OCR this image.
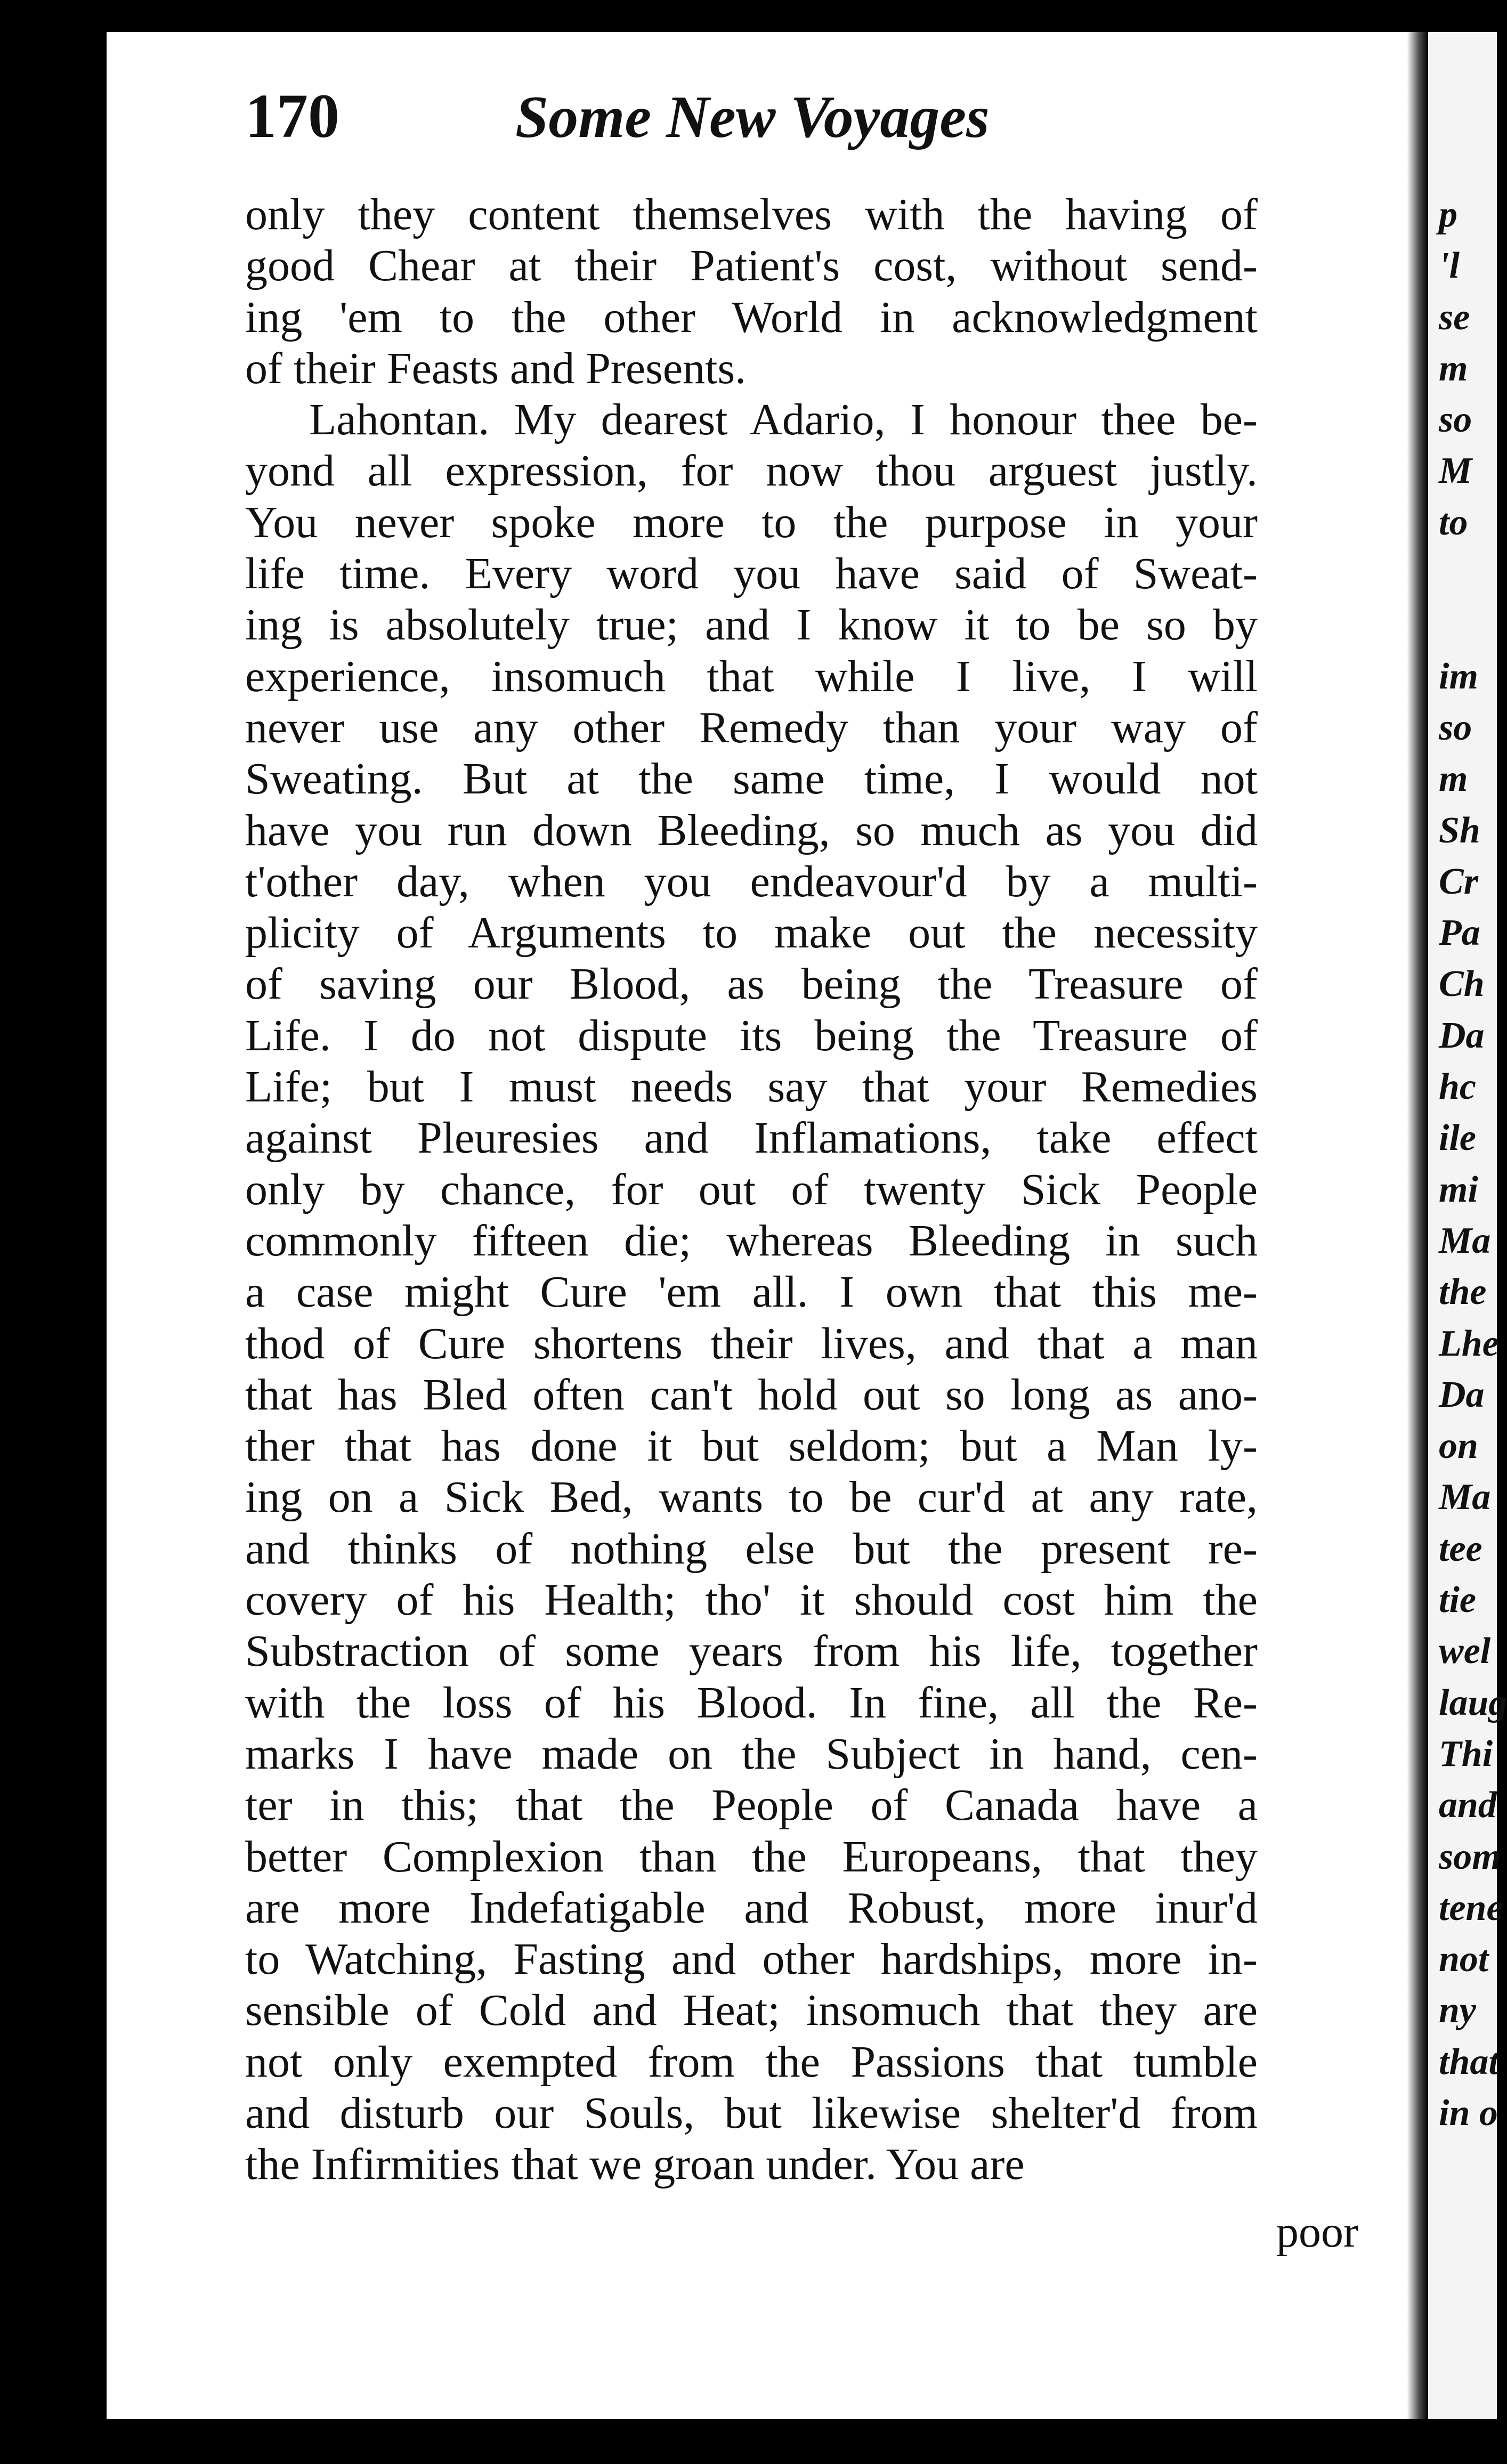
170	Some New Voyages
only they content themselves with the having of
good Chear at their Patient's cost, without send-
ing 'em to the other World in acknowledgment
of their Feasts and Presents.
Lahontan. My dearest Adario, I honour thee be-
yond all expression, for now thou arguest justly.
You never spoke more to the purpose in your
life time. Every word you have said of Sweat-
ing is absolutely true; and I know it to be so by
experience, insomuch that while I live, I will
never use any other Remedy than your way of
Sweating. But at the same time, I would not
have you run down Bleeding, so much as you did
t'other day, when you endeavour'd by a multi-
plicity of Arguments to make out the necessity
of saving our Blood, as being the Treasure of
Life. I do not dispute its being the Treasure of
Life; but I must needs say that your Remedies
against Pleuresies and Inflamations, take effect
only by chance, for out of twenty Sick People
commonly fifteen die; whereas Bleeding in such
a case might Cure 'em all. I own that this me-
thod of Cure shortens their lives, and that a man
that has Bled often can't hold out so long as ano-
ther that has done it but seldom; but a Man ly-
ing on a Sick Bed, wants to be cur'd at any rate,
and thinks of nothing else but the present re-
covery of his Health; tho' it should cost him the
Substraction of some years from his life, together
with the loss of his Blood. In fine, all the Re-
marks I have made on the Subject in hand, cen-
ter in this; that the People of Canada have a
better Complexion than the Europeans, that they
are more Indefatigable and Robust, more inur'd
to Watching, Fasting and other hardships, more in-
sensible of Cold and Heat; insomuch that they are
not only exempted from the Passions that tumble
and disturb our Souls, but likewise shelter'd from
the Infirmities that we groan under. You are
poor
p
'l
se
m
so
M
to

im
so
m
Sh
Cr
Pa
Ch
Da
hc
ile
mi
Ma
the
Lhe
Da
on
Ma
tee
tie
wel
laug
Thi
and
som
tene
not
ny
that
in o
